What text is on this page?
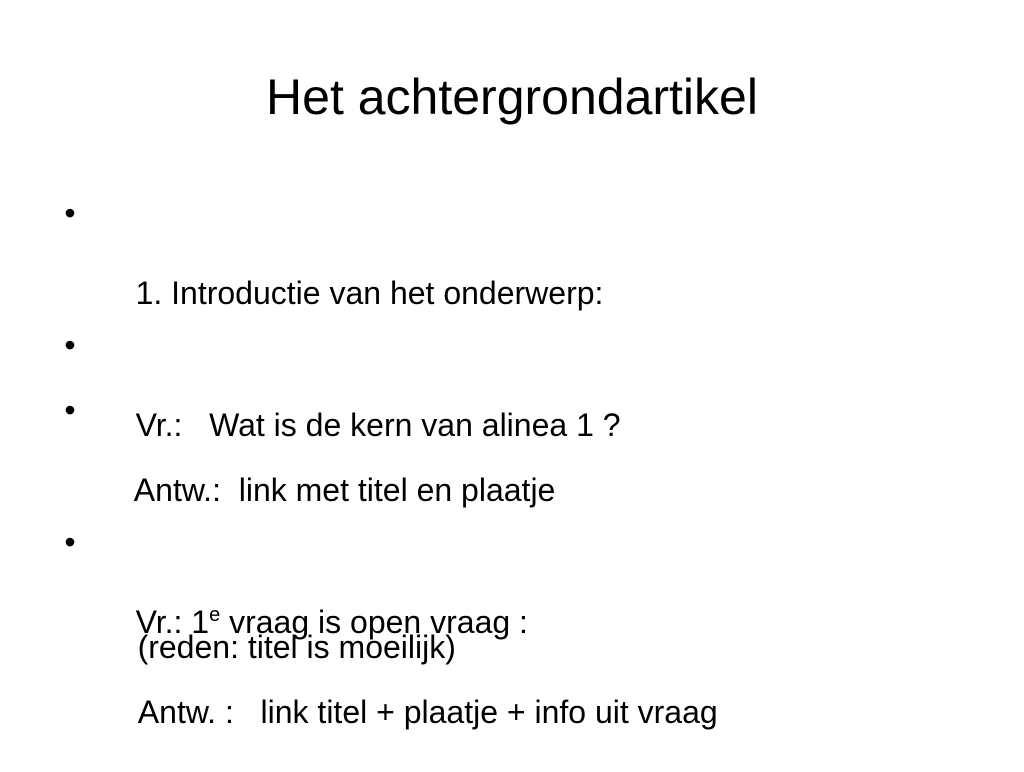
Het achtergrondartikel

•

1. Introductie van het onderwerp:

•

Vr.:   Wat is de kern van alinea 1 ?

•

Antw.:  link met titel en plaatje

•

Vr.: 1e vraag is open vraag :

(reden: titel is moeilijk)

Antw. :   link titel + plaatje + info uit vraag
